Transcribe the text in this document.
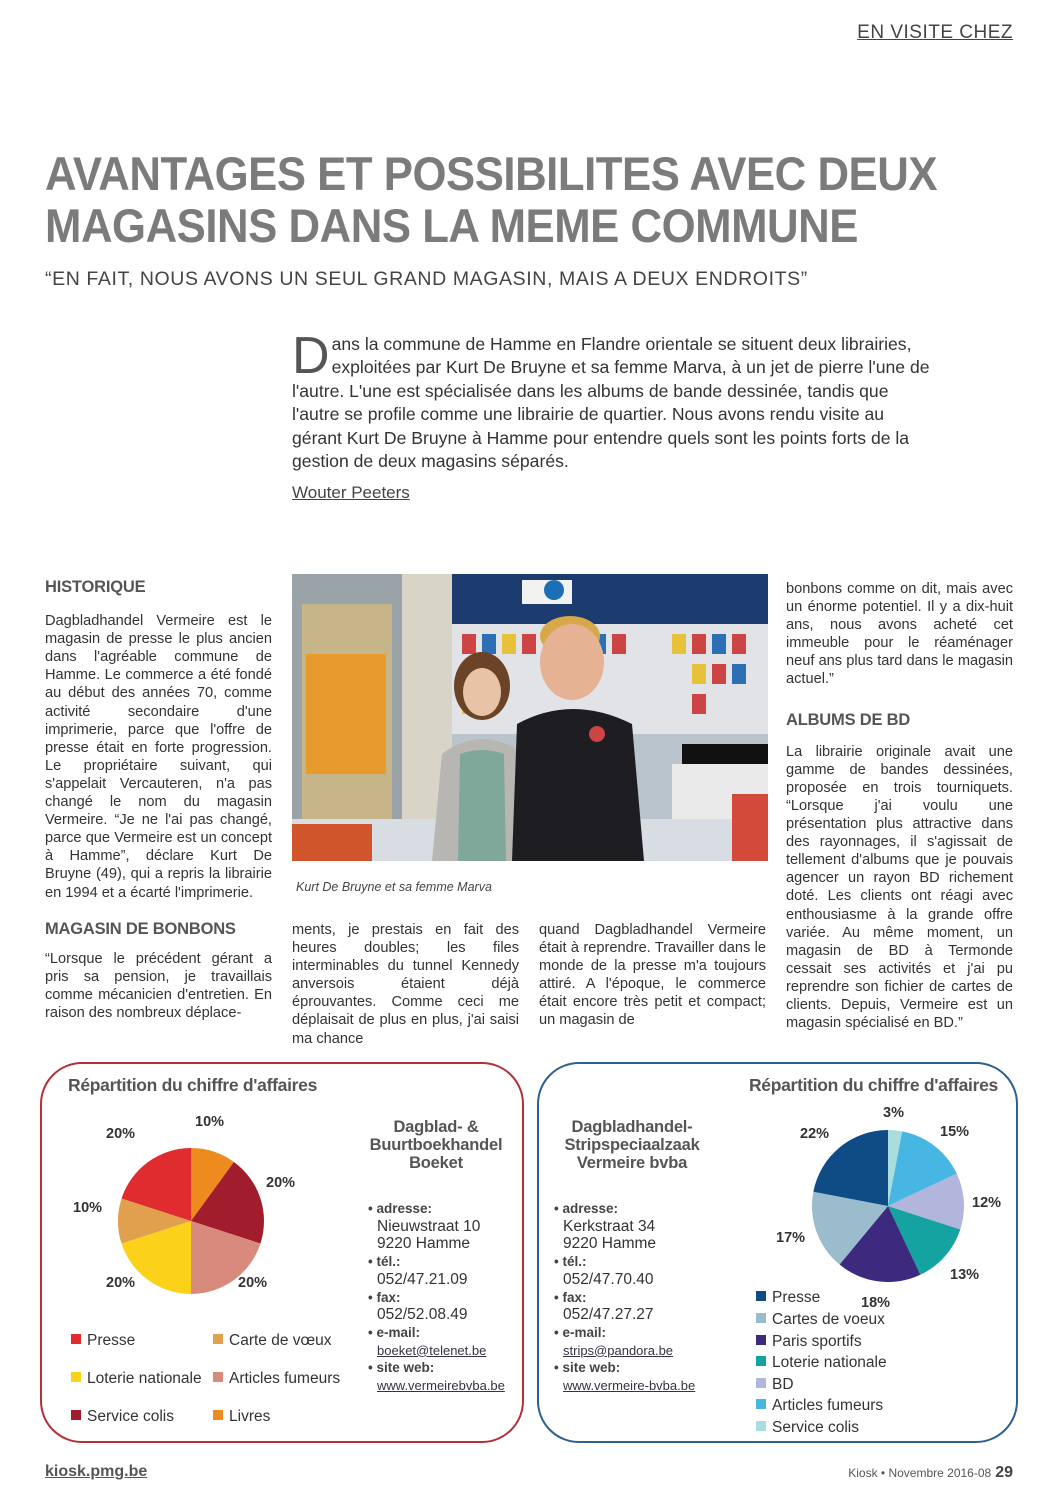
EN VISITE CHEZ
AVANTAGES ET POSSIBILITES AVEC DEUX
MAGASINS DANS LA MEME COMMUNE
“EN FAIT, NOUS AVONS UN SEUL GRAND MAGASIN, MAIS A DEUX ENDROITS”
Dans la commune de Hamme en Flandre orientale se situent deux librairies, exploitées par Kurt De Bruyne et sa femme Marva, à un jet de pierre l'une de l'autre. L'une est spécialisée dans les albums de bande dessinée, tandis que l'autre se profile comme une librairie de quartier. Nous avons rendu visite au gérant Kurt De Bruyne à Hamme pour entendre quels sont les points forts de la gestion de deux magasins séparés.
Wouter Peeters
HISTORIQUE

Dagbladhandel Vermeire est le magasin de presse le plus ancien dans l'agréable commune de Hamme. Le commerce a été fondé au début des années 70, comme activité secondaire d'une imprimerie, parce que l'offre de presse était en forte progression. Le propriétaire suivant, qui s'appelait Vercauteren, n'a pas changé le nom du magasin Vermeire. “Je ne l'ai pas changé, parce que Vermeire est un concept à Hamme”, déclare Kurt De Bruyne (49), qui a repris la librairie en 1994 et a écarté l'imprimerie.

MAGASIN DE BONBONS

“Lorsque le précédent gérant a pris sa pension, je travaillais comme mécanicien d'entretien. En raison des nombreux déplace-

Kurt De Bruyne et sa femme Marva

ments, je prestais en fait des heures doubles; les files interminables du tunnel Kennedy anversois étaient déjà éprouvantes. Comme ceci me déplaisait de plus en plus, j'ai saisi ma chance

quand Dagbladhandel Vermeire était à reprendre. Travailler dans le monde de la presse m'a toujours attiré. A l'époque, le commerce était encore très petit et compact; un magasin de

bonbons comme on dit, mais avec un énorme potentiel. Il y a dix-huit ans, nous avons acheté cet immeuble pour le réaménager neuf ans plus tard dans le magasin actuel.”

ALBUMS DE BD

La librairie originale avait une gamme de bandes dessinées, proposée en trois tourniquets. “Lorsque j'ai voulu une présentation plus attractive dans des rayonnages, il s'agissait de tellement d'albums que je pouvais agencer un rayon BD richement doté. Les clients ont réagi avec enthousiasme à la grande offre variée. Au même moment, un magasin de BD à Termonde cessait ses activités et j'ai pu reprendre son fichier de cartes de clients. Depuis, Vermeire est un magasin spécialisé en BD.”

Répartition du chiffre d'affaires
10%
20%
20%
20%
10%
20%
Presse	Carte de vœux
Loterie nationale	Articles fumeurs
Service colis	Livres
Dagblad- & Buurtboekhandel Boeket
• adresse:
Nieuwstraat 10
9220 Hamme
• tél.:
052/47.21.09
• fax:
052/52.08.49
• e-mail:
boeket@telenet.be
• site web:
www.vermeirebvba.be
Dagbladhandel-Stripspeciaalzaak Vermeire bvba
• adresse:
Kerkstraat 34
9220 Hamme
• tél.:
052/47.70.40
• fax:
052/47.27.27
• e-mail:
strips@pandora.be
• site web:
www.vermeire-bvba.be
Répartition du chiffre d'affaires
3%
15%
12%
13%
18%
17%
22%
Presse
Cartes de voeux
Paris sportifs
Loterie nationale
BD
Articles fumeurs
Service colis
kiosk.pmg.be	Kiosk • Novembre 2016-08 29
